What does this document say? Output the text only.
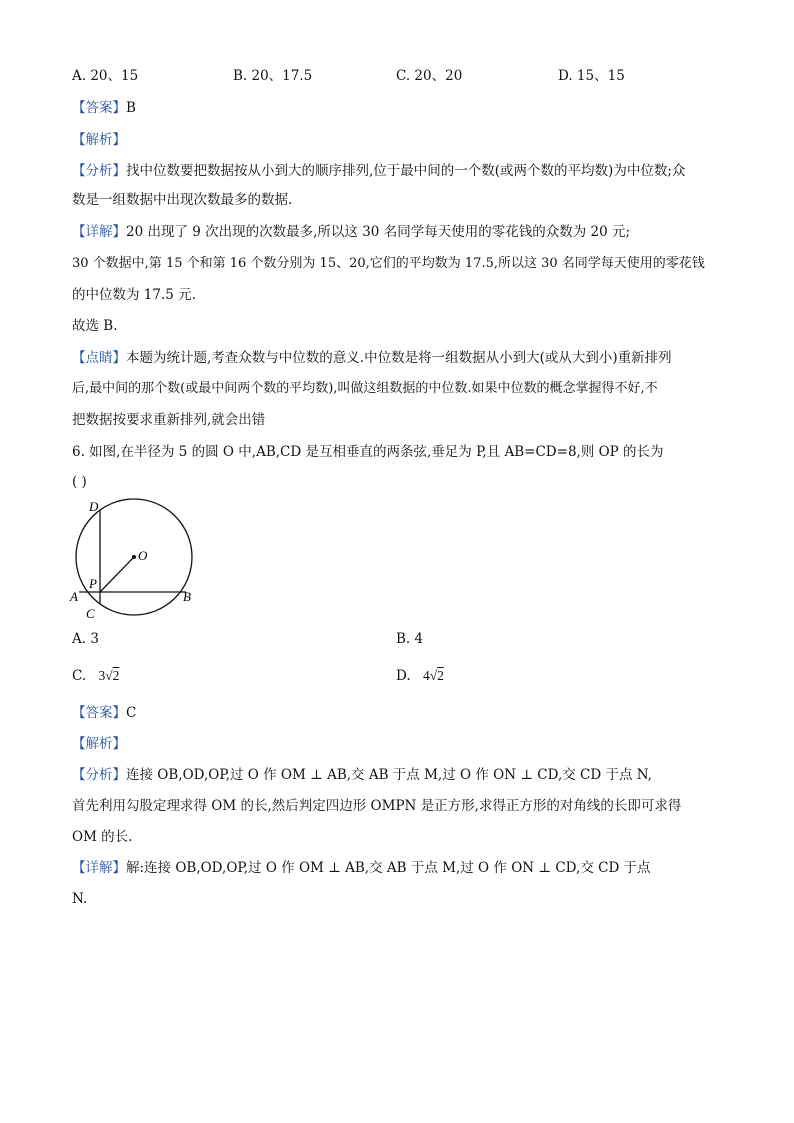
A. 20、15	B. 20、17.5	C. 20、20	D. 15、15
【答案】B
【解析】
【分析】找中位数要把数据按从小到大的顺序排列,位于最中间的一个数(或两个数的平均数)为中位数;众
数是一组数据中出现次数最多的数据.
【详解】20 出现了 9 次出现的次数最多,所以这 30 名同学每天使用的零花钱的众数为 20 元;
30 个数据中,第 15 个和第 16 个数分别为 15、20,它们的平均数为 17.5,所以这 30 名同学每天使用的零花钱
的中位数为 17.5 元.
故选 B.
【点睛】本题为统计题,考查众数与中位数的意义.中位数是将一组数据从小到大(或从大到小)重新排列
后,最中间的那个数(或最中间两个数的平均数),叫做这组数据的中位数.如果中位数的概念掌握得不好,不
把数据按要求重新排列,就会出错
6. 如图,在半径为 5 的圆 O 中,AB,CD 是互相垂直的两条弦,垂足为 P,且 AB=CD=8,则 OP 的长为
( )
D
O
P
A	B
C
A. 3	B. 4
C. 3√2	D. 4√2
【答案】C
【解析】
【分析】连接 OB,OD,OP,过 O 作 OM ⊥ AB,交 AB 于点 M,过 O 作 ON ⊥ CD,交 CD 于点 N,
首先利用勾股定理求得 OM 的长,然后判定四边形 OMPN 是正方形,求得正方形的对角线的长即可求得
OM 的长.
【详解】解:连接 OB,OD,OP,过 O 作 OM ⊥ AB,交 AB 于点 M,过 O 作 ON ⊥ CD,交 CD 于点
N.
